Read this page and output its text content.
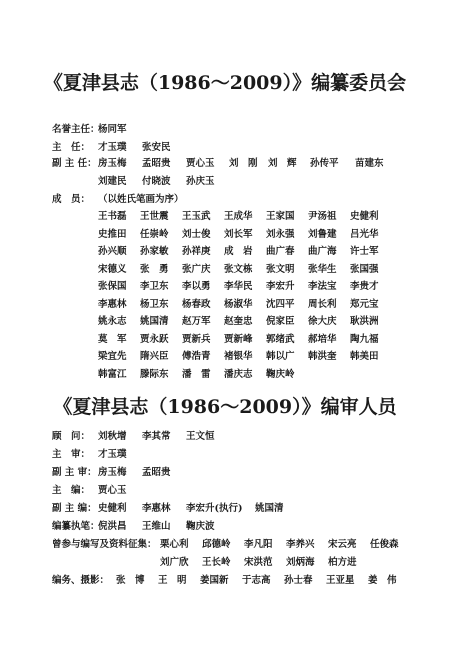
《夏津县志（1986～2009）》编纂委员会
名誉主任：
杨同军
主　任： 才玉璞 张安民
副 主 任： 房玉梅 孟昭贵 贾心玉 刘　刚 刘　辉 孙传平 苗建东
刘建民 付晓波 孙庆玉
成　员： （以姓氏笔画为序）
王书磊 王世震 王玉武 王成华 王家国 尹汤祖 史健利
史推田 任崇岭 刘士俊 刘长军 刘永强 刘鲁建 吕光华
孙兴顺 孙家敏 孙祥庚 成　岩 曲广春 曲广海 许士军
宋德义 张　勇 张广庆 张文栋 张文明 张华生 张国强
张保国 李卫东 李以勇 李华民 李宏升 李法宝 李贵才
李惠林 杨卫东 杨春政 杨淑华 沈四平 周长利 郑元宝
姚永志 姚国清 赵万军 赵奎忠 倪家臣 徐大庆 耿洪洲
莫　军 贾永跃 贾新兵 贾新峰 郭绪武 郝培华 陶九福
梁宜先 隋兴臣 傅浩青 褚银华 韩以广 韩洪奎 韩美田
韩富江 滕际东 潘　雷 潘庆志 鞠庆岭
《夏津县志（1986～2009）》编审人员
顾　问： 刘秋增 李其常 王文恒
主　审： 才玉璞
副 主 审： 房玉梅 孟昭贵
主　编： 贾心玉
副 主 编： 史健利 李惠林 李宏升(执行) 姚国清
编纂执笔：
倪洪昌 王维山 鞠庆波
曾参与编写及资料征集： 栗心利 邱德岭 李凡阳 李养兴 宋云亮 任俊森
刘广欣 王长岭 宋洪范 刘炳海 柏方进
编务、摄影： 张　博 王　明 姜国新 于志高 孙士春 王亚星 姜　伟
